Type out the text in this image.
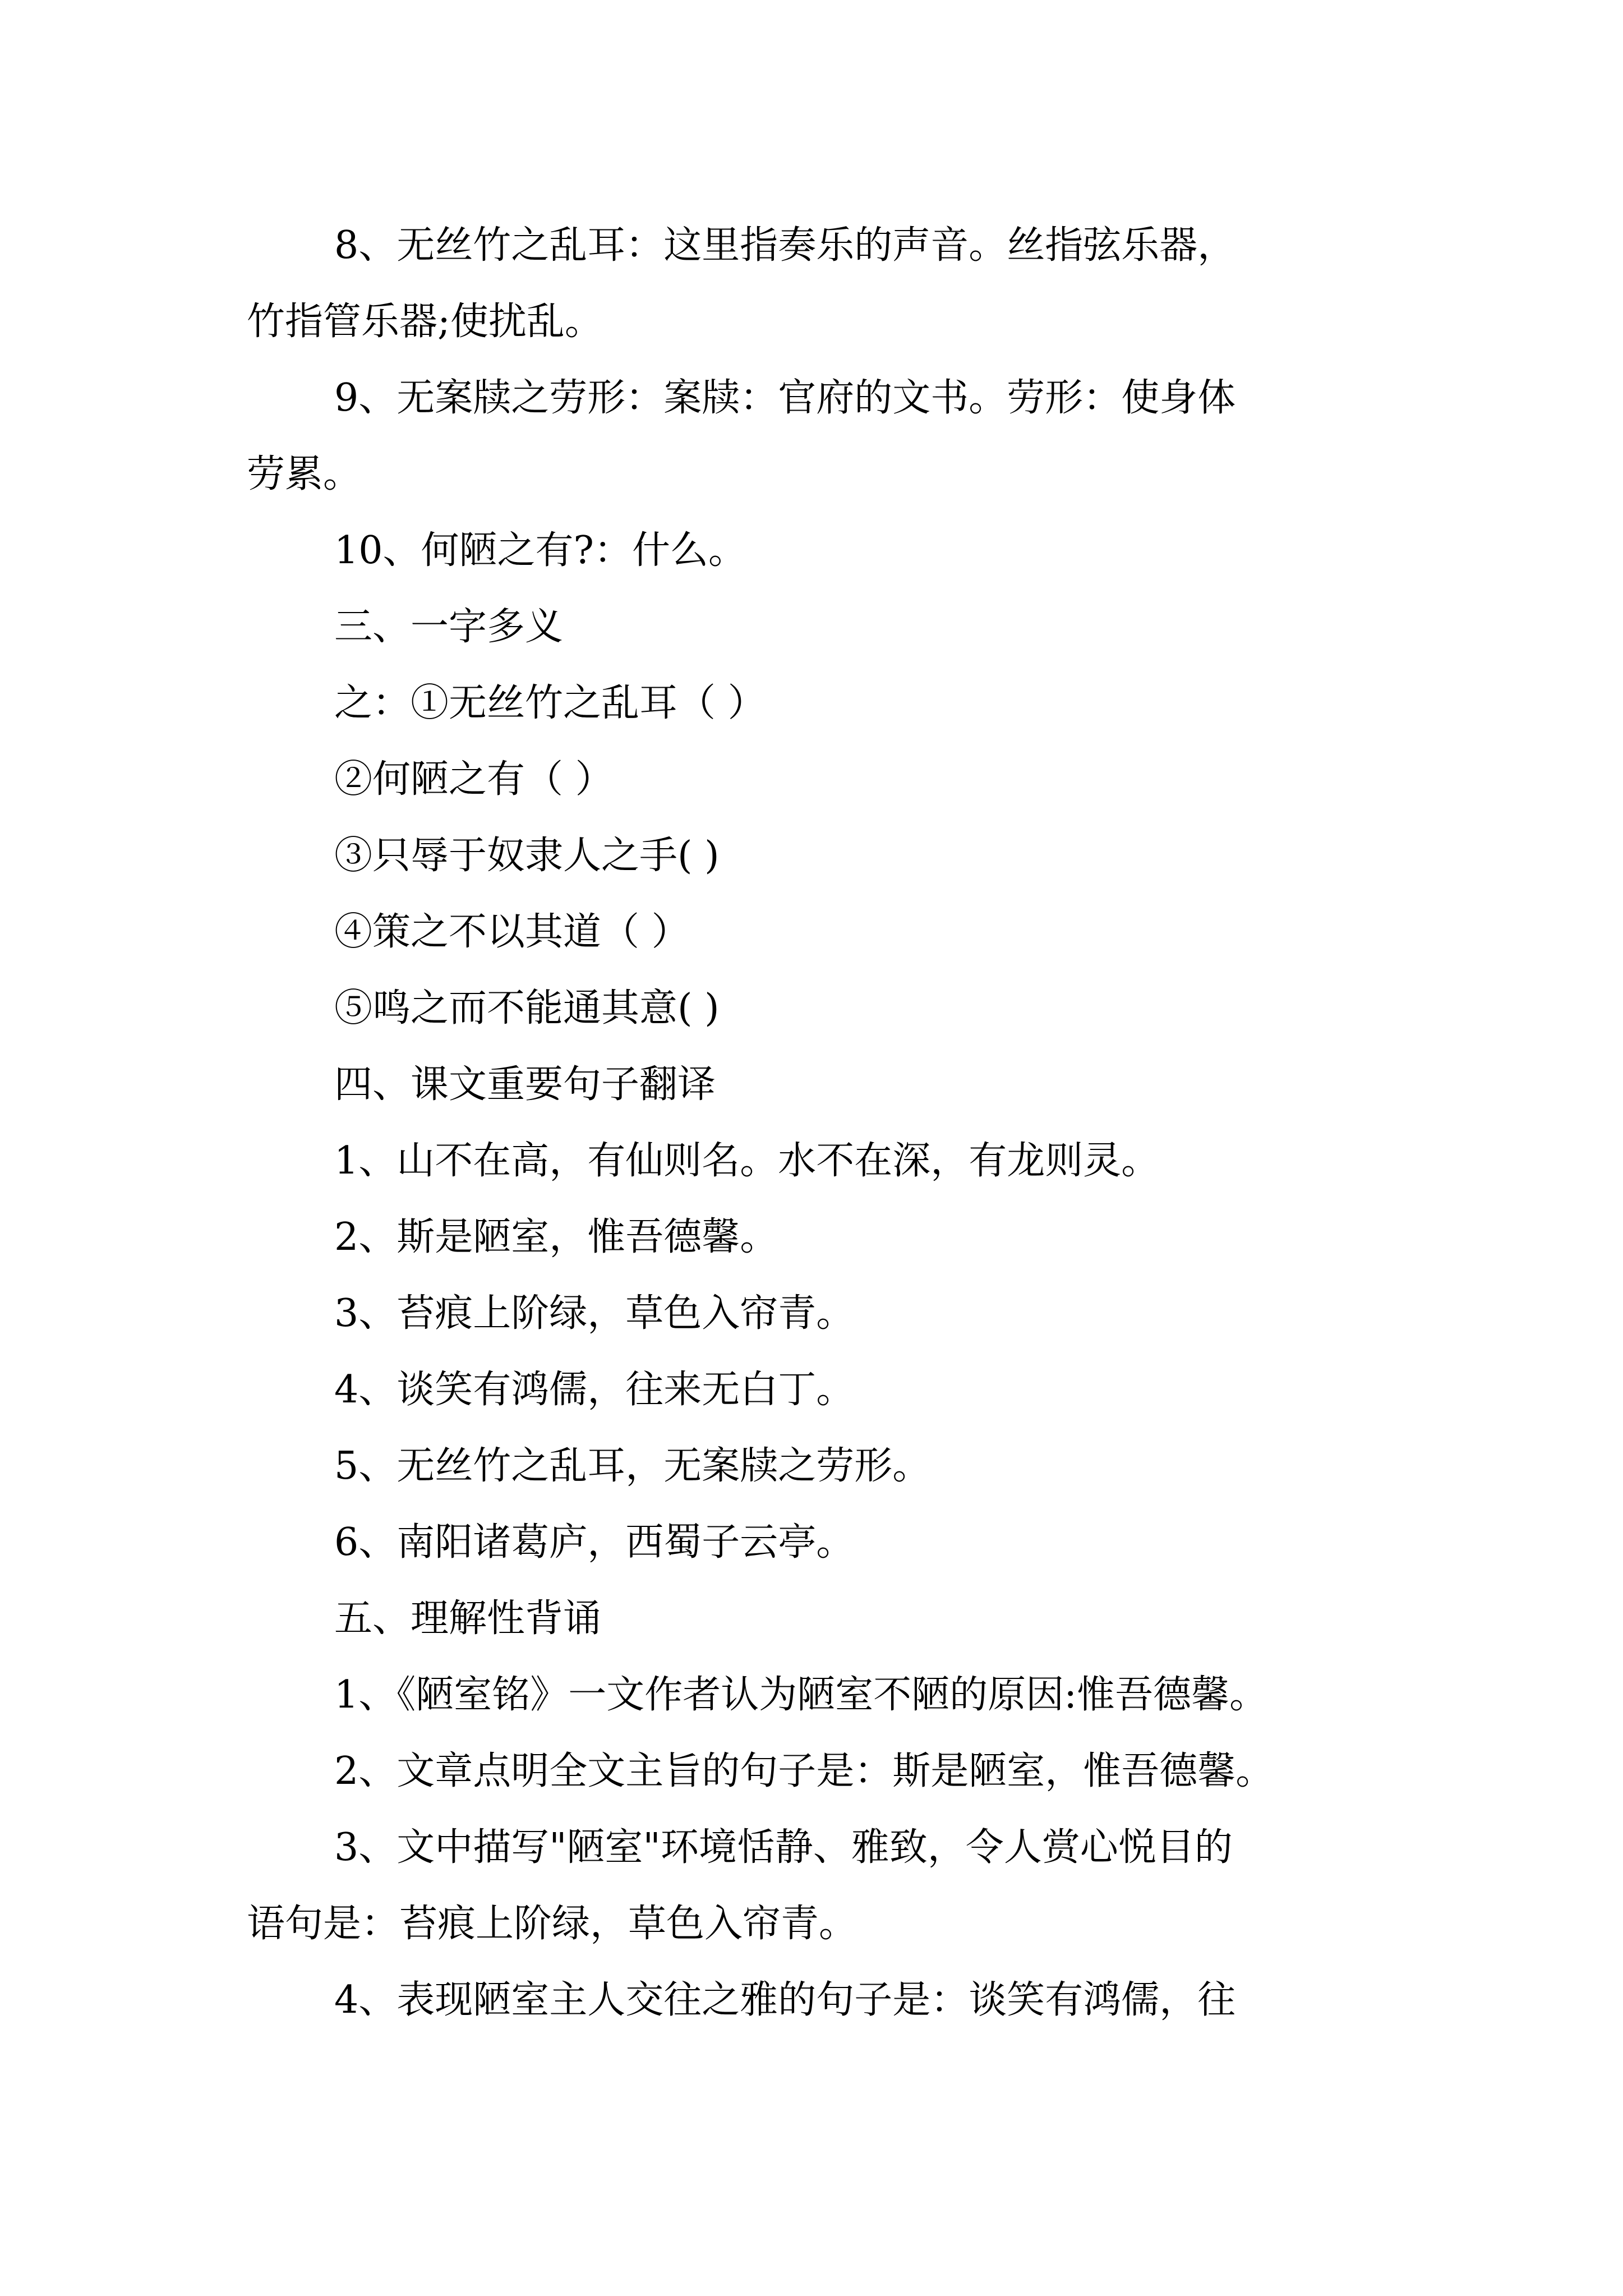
8、无丝竹之乱耳：这里指奏乐的声音。丝指弦乐器，
竹指管乐器;使扰乱。
9、无案牍之劳形：案牍：官府的文书。劳形：使身体
劳累。
10、何陋之有?：什么。
三、一字多义
之：①无丝竹之乱耳（ ）
②何陋之有（ ）
③只辱于奴隶人之手( )
④策之不以其道（ ）
⑤鸣之而不能通其意( )
四、课文重要句子翻译
1、山不在高，有仙则名。水不在深，有龙则灵。
2、斯是陋室，惟吾德馨。
3、苔痕上阶绿，草色入帘青。
4、谈笑有鸿儒，往来无白丁。
5、无丝竹之乱耳，无案牍之劳形。
6、南阳诸葛庐，西蜀子云亭。
五、理解性背诵
1、《陋室铭》一文作者认为陋室不陋的原因:惟吾德馨。
2、文章点明全文主旨的句子是：斯是陋室，惟吾德馨。
3、文中描写"陋室"环境恬静、雅致，令人赏心悦目的
语句是：苔痕上阶绿，草色入帘青。
4、表现陋室主人交往之雅的句子是：谈笑有鸿儒，往
